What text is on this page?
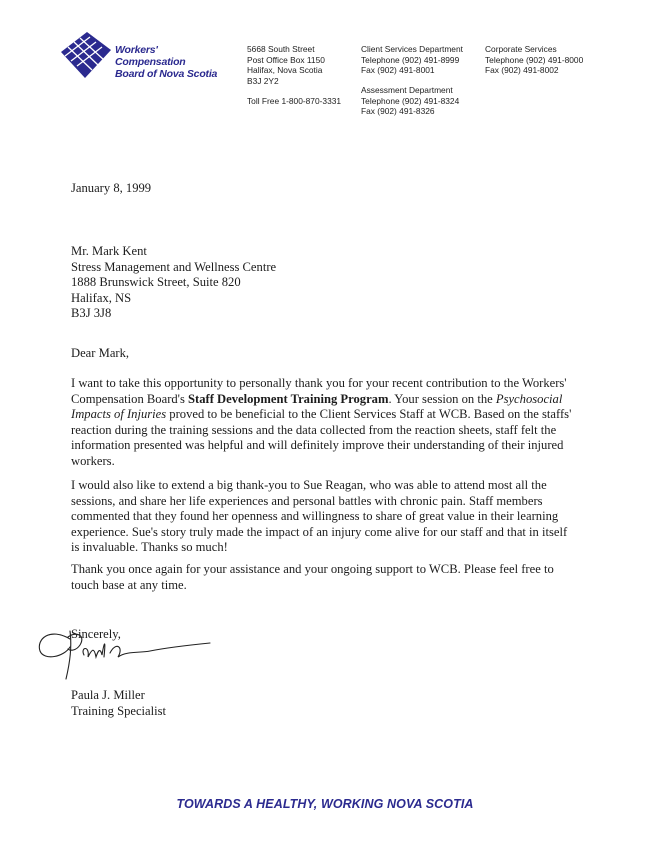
Workers'
Compensation
Board of Nova Scotia
5668 South Street
Post Office Box 1150
Halifax, Nova Scotia
B3J 2Y2
Toll Free 1-800-870-3331
Client Services Department
Telephone (902) 491-8999
Fax (902) 491-8001
Assessment Department
Telephone (902) 491-8324
Fax (902) 491-8326
Corporate Services
Telephone (902) 491-8000
Fax (902) 491-8002
January 8, 1999
Mr. Mark Kent
Stress Management and Wellness Centre
1888 Brunswick Street, Suite 820
Halifax, NS
B3J 3J8
Dear Mark,
I want to take this opportunity to personally thank you for your recent contribution to the Workers'
Compensation Board's Staff Development Training Program. Your session on the Psychosocial
Impacts of Injuries proved to be beneficial to the Client Services Staff at WCB. Based on the staffs'
reaction during the training sessions and the data collected from the reaction sheets, staff felt the
information presented was helpful and will definitely improve their understanding of their injured
workers.
I would also like to extend a big thank-you to Sue Reagan, who was able to attend most all the
sessions, and share her life experiences and personal battles with chronic pain. Staff members
commented that they found her openness and willingness to share of great value in their learning
experience. Sue's story truly made the impact of an injury come alive for our staff and that in itself
is invaluable. Thanks so much!
Thank you once again for your assistance and your ongoing support to WCB. Please feel free to
touch base at any time.
Sincerely,
Paula J. Miller
Training Specialist
TOWARDS A HEALTHY, WORKING NOVA SCOTIA
